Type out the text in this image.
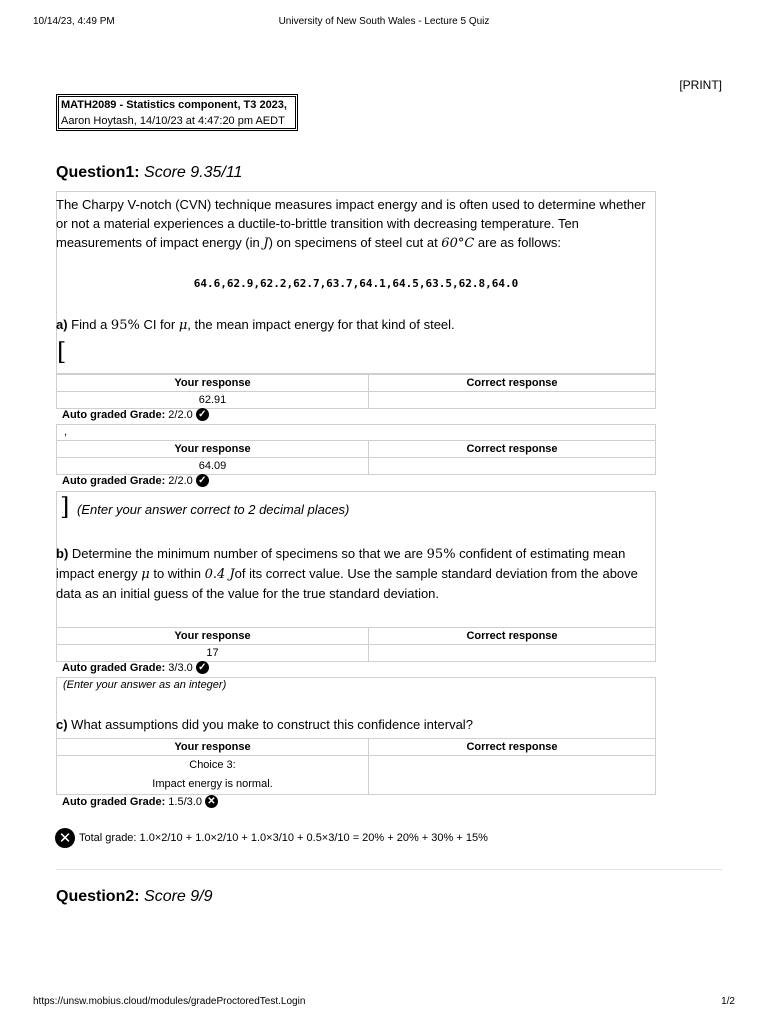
10/14/23, 4:49 PM	University of New South Wales - Lecture 5 Quiz
[PRINT]
MATH2089 - Statistics component, T3 2023,
Aaron Hoytash, 14/10/23 at 4:47:20 pm AEDT
Question1: Score 9.35/11
The Charpy V-notch (CVN) technique measures impact energy and is often used to determine whether or not a material experiences a ductile-to-brittle transition with decreasing temperature. Ten measurements of impact energy (in J) on specimens of steel cut at 60°C are as follows:
64.6,62.9,62.2,62.7,63.7,64.1,64.5,63.5,62.8,64.0
a) Find a 95% CI for μ, the mean impact energy for that kind of steel.
[
Your response	Correct response
62.91	
Auto graded Grade: 2/2.0 ✓
,
Your response	Correct response
64.09	
Auto graded Grade: 2/2.0 ✓
] (Enter your answer correct to 2 decimal places)
b) Determine the minimum number of specimens so that we are 95% confident of estimating mean impact energy μ to within 0.4 Jof its correct value. Use the sample standard deviation from the above data as an initial guess of the value for the true standard deviation.
Your response	Correct response
17	
Auto graded Grade: 3/3.0 ✓
(Enter your answer as an integer)
c) What assumptions did you make to construct this confidence interval?
Your response	Correct response

Choice 3:
Impact energy is normal.	

Auto graded Grade: 1.5/3.0 ✕
✕ Total grade: 1.0×2/10 + 1.0×2/10 + 1.0×3/10 + 0.5×3/10 = 20% + 20% + 30% + 15%
Question2: Score 9/9
https://unsw.mobius.cloud/modules/gradeProctoredTest.Login	1/2
